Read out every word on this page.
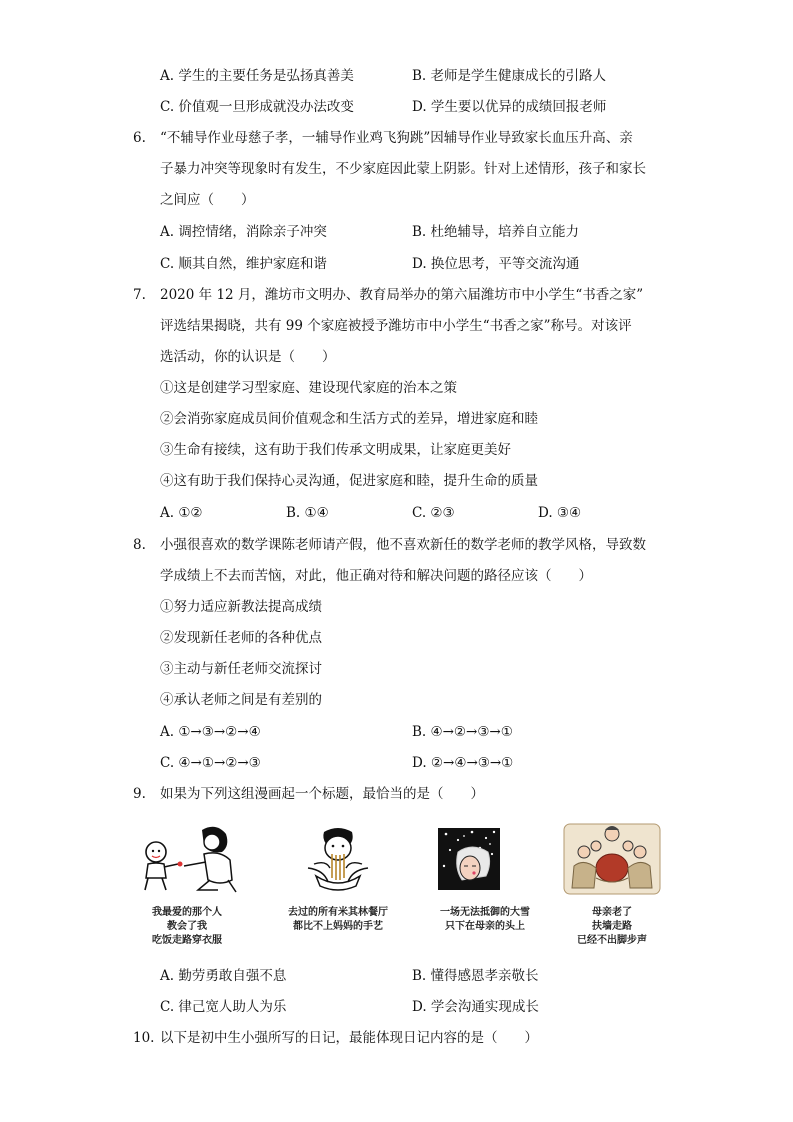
A. 学生的主要任务是弘扬真善美	B. 老师是学生健康成长的引路人
C. 价值观一旦形成就没办法改变	D. 学生要以优异的成绩回报老师
6. “不辅导作业母慈子孝，一辅导作业鸡飞狗跳”因辅导作业导致家长血压升高、亲
子暴力冲突等现象时有发生，不少家庭因此蒙上阴影。针对上述情形，孩子和家长
之间应（　　）
A. 调控情绪，消除亲子冲突	B. 杜绝辅导，培养自立能力
C. 顺其自然，维护家庭和谐	D. 换位思考，平等交流沟通
7. 2020 年 12 月，潍坊市文明办、教育局举办的第六届潍坊市中小学生“书香之家”
评选结果揭晓，共有 99 个家庭被授予潍坊市中小学生“书香之家”称号。对该评
选活动，你的认识是（　　）
①这是创建学习型家庭、建设现代家庭的治本之策
②会消弥家庭成员间价值观念和生活方式的差异，增进家庭和睦
③生命有接续，这有助于我们传承文明成果，让家庭更美好
④这有助于我们保持心灵沟通，促进家庭和睦，提升生命的质量
A. ①②	B. ①④	C. ②③	D. ③④
8. 小强很喜欢的数学课陈老师请产假，他不喜欢新任的数学老师的教学风格，导致数
学成绩上不去而苦恼，对此，他正确对待和解决问题的路径应该（　　）
①努力适应新教法提高成绩
②发现新任老师的各种优点
③主动与新任老师交流探讨
④承认老师之间是有差别的
A. ①→③→②→④	B. ④→②→③→①
C. ④→①→②→③	D. ②→④→③→①
9. 如果为下列这组漫画起一个标题，最恰当的是（　　）
我最爱的那个人
教会了我
吃饭走路穿衣服
去过的所有米其林餐厅
都比不上妈妈的手艺
一场无法抵御的大雪
只下在母亲的头上
母亲老了
扶墙走路
已经不出脚步声
A. 勤劳勇敢自强不息	B. 懂得感恩孝亲敬长
C. 律己宽人助人为乐	D. 学会沟通实现成长
10. 以下是初中生小强所写的日记，最能体现日记内容的是（　　）
